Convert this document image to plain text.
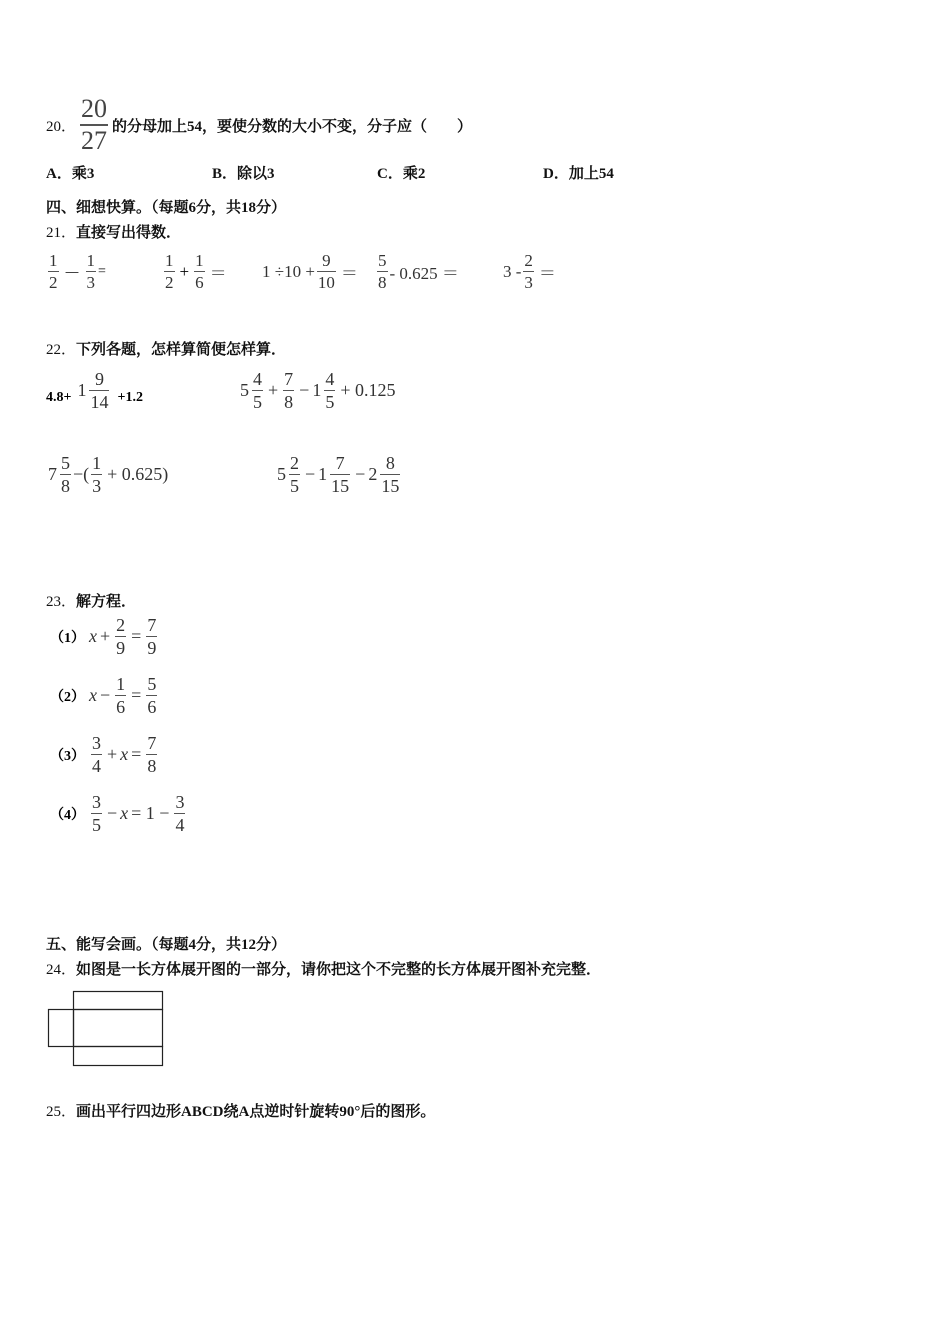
20． $\frac{20}{27}$ 的分母加上54，要使分数的大小不变，分子应（　　）
A．乘3	B．除以3	C．乘2	D．加上54
四、细想快算。（每题6分，共18分）
21．直接写出得数．
$\frac{1}{2} - \frac{1}{3}$ =	$\frac{1}{2} + \frac{1}{6} = 1 \div 10 + \frac{9}{10} = \frac{5}{8} - 0.625$ ＝	$3 - \frac{2}{3}$ ＝
22．下列各题，怎样算简便怎样算．
$4.8+ 1 \frac{9}{14} +1.2$	$5 \frac{4}{5} + \frac{7}{8} - 1 \frac{4}{5} + 0.125$
$7 \frac{5}{8}$ −( $\frac{1}{3} + 0.625$)	$5 \frac{2}{5} - 1 \frac{7}{15} - 2 \frac{8}{15}$
23．解方程．
（1） $x + \frac{2}{9} = \frac{7}{9}$
（2） $x - \frac{1}{6} = \frac{5}{6}$
$(3) \frac{3}{4} + x = \frac{7}{8}$
$(4) \frac{3}{5} - x = 1 - \frac{3}{4}$
五、能写会画。（每题4分，共12分）
24．如图是一长方体展开图的一部分，请你把这个不完整的长方体展开图补充完整．
25．画出平行四边形ABCD绕A点逆时针旋转90°后的图形。
